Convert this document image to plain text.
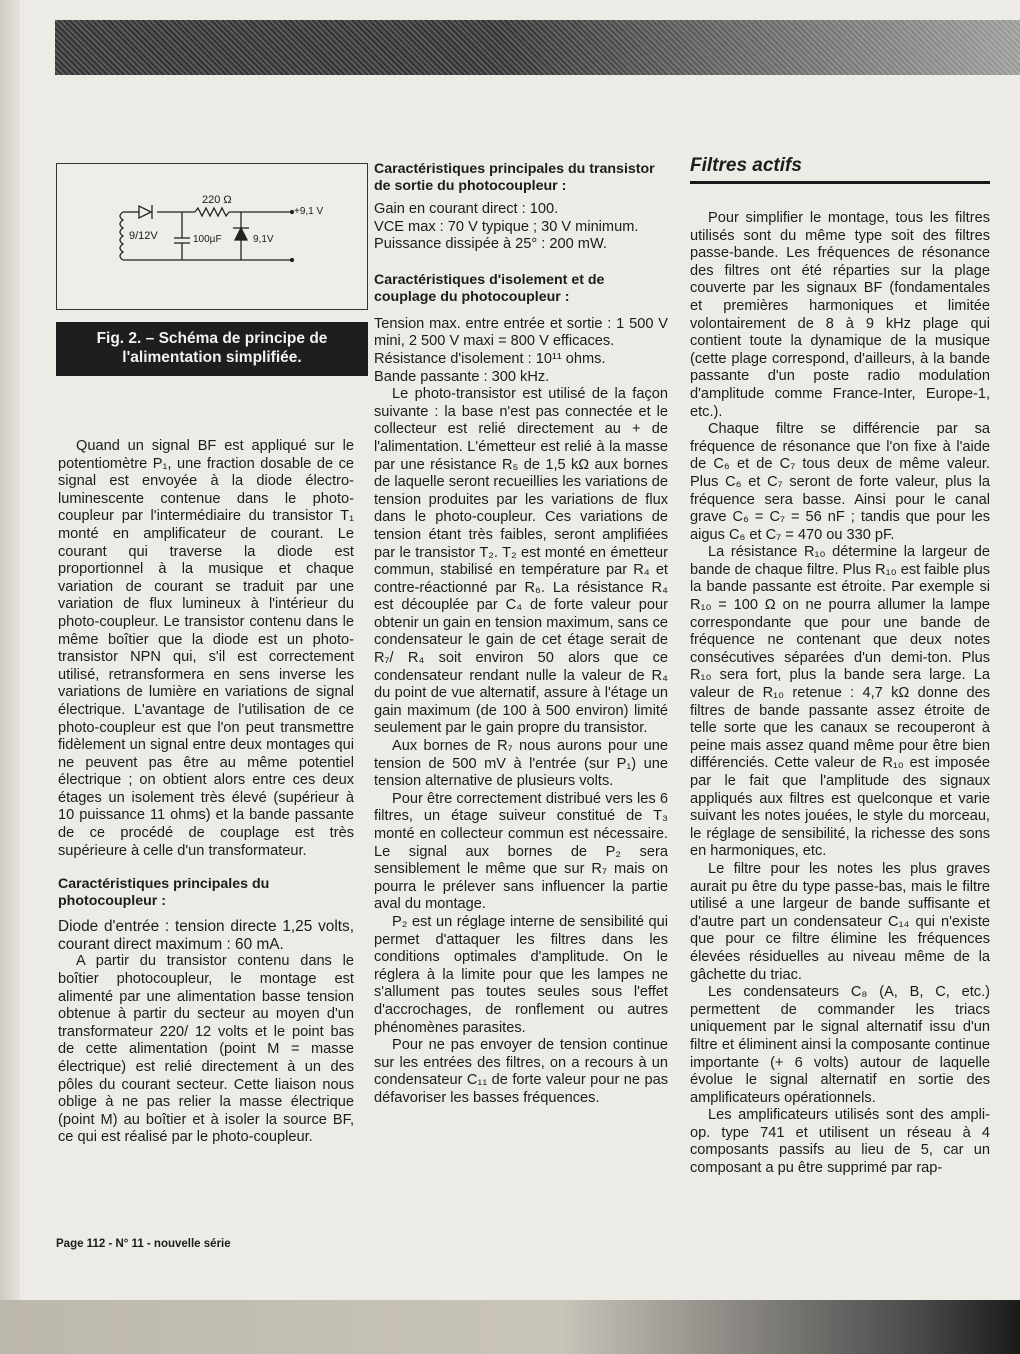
220 Ω
+9,1 V
9/12V	100µF	9,1V
Fig. 2. – Schéma de principe de
l'alimentation simplifiée.

Quand un signal BF est appliqué sur le potentiomètre P₁, une fraction dosable de ce signal est envoyée à la diode électro-luminescente contenue dans le photo-coupleur par l'intermédiaire du transistor T₁ monté en amplificateur de courant. Le courant qui traverse la diode est proportionnel à la musique et chaque variation de courant se traduit par une variation de flux lumineux à l'intérieur du photo-coupleur. Le transistor contenu dans le même boîtier que la diode est un photo-transistor NPN qui, s'il est correctement utilisé, retransformera en sens inverse les variations de lumière en variations de signal électrique. L'avantage de l'utilisation de ce photo-coupleur est que l'on peut transmettre fidèlement un signal entre deux montages qui ne peuvent pas être au même potentiel électrique ; on obtient alors entre ces deux étages un isolement très élevé (supérieur à 10 puissance 11 ohms) et la bande passante de ce procédé de couplage est très supérieure à celle d'un transformateur.

Caractéristiques principales du photocoupleur :

Diode d'entrée : tension directe 1,25 volts, courant direct maximum : 60 mA.

A partir du transistor contenu dans le boîtier photocoupleur, le montage est alimenté par une alimentation basse tension obtenue à partir du secteur au moyen d'un transformateur 220/ 12 volts et le point bas de cette alimentation (point M = masse électrique) est relié directement à un des pôles du courant secteur. Cette liaison nous oblige à ne pas relier la masse électrique (point M) au boîtier et à isoler la source BF, ce qui est réalisé par le photo-coupleur.

Caractéristiques principales du transistor de sortie du photocoupleur :

Gain en courant direct : 100.

VCE max : 70 V typique ; 30 V minimum.

Puissance dissipée à 25° : 200 mW.

Caractéristiques d'isolement et de couplage du photocoupleur :

Tension max. entre entrée et sortie : 1 500 V mini, 2 500 V maxi = 800 V efficaces.

Résistance d'isolement : 10¹¹ ohms.

Bande passante : 300 kHz.

Le photo-transistor est utilisé de la façon suivante : la base n'est pas connectée et le collecteur est relié directement au + de l'alimentation. L'émetteur est relié à la masse par une résistance R₅ de 1,5 kΩ aux bornes de laquelle seront recueillies les variations de tension produites par les variations de flux dans le photo-coupleur. Ces variations de tension étant très faibles, seront amplifiées par le transistor T₂. T₂ est monté en émetteur commun, stabilisé en température par R₄ et contre-réactionné par R₆. La résistance R₄ est découplée par C₄ de forte valeur pour obtenir un gain en tension maximum, sans ce condensateur le gain de cet étage serait de R₇/ R₄ soit environ 50 alors que ce condensateur rendant nulle la valeur de R₄ du point de vue alternatif, assure à l'étage un gain maximum (de 100 à 500 environ) limité seulement par le gain propre du transistor.

Aux bornes de R₇ nous aurons pour une tension de 500 mV à l'entrée (sur P₁) une tension alternative de plusieurs volts.

Pour être correctement distribué vers les 6 filtres, un étage suiveur constitué de T₃ monté en collecteur commun est nécessaire. Le signal aux bornes de P₂ sera sensiblement le même que sur R₇ mais on pourra le prélever sans influencer la partie aval du montage.

P₂ est un réglage interne de sensibilité qui permet d'attaquer les filtres dans les conditions optimales d'amplitude. On le réglera à la limite pour que les lampes ne s'allument pas toutes seules sous l'effet d'accrochages, de ronflement ou autres phénomènes parasites.

Pour ne pas envoyer de tension continue sur les entrées des filtres, on a recours à un condensateur C₁₁ de forte valeur pour ne pas défavoriser les basses fréquences.

Filtres actifs

Pour simplifier le montage, tous les filtres utilisés sont du même type soit des filtres passe-bande. Les fréquences de résonance des filtres ont été réparties sur la plage couverte par les signaux BF (fondamentales et premières harmoniques et limitée volontairement de 8 à 9 kHz plage qui contient toute la dynamique de la musique (cette plage correspond, d'ailleurs, à la bande passante d'un poste radio modulation d'amplitude comme France-Inter, Europe-1, etc.).

Chaque filtre se différencie par sa fréquence de résonance que l'on fixe à l'aide de C₆ et de C₇ tous deux de même valeur. Plus C₆ et C₇ seront de forte valeur, plus la fréquence sera basse. Ainsi pour le canal grave C₆ = C₇ = 56 nF ; tandis que pour les aigus C₆ et C₇ = 470 ou 330 pF.

La résistance R₁₀ détermine la largeur de bande de chaque filtre. Plus R₁₀ est faible plus la bande passante est étroite. Par exemple si R₁₀ = 100 Ω on ne pourra allumer la lampe correspondante que pour une bande de fréquence ne contenant que deux notes consécutives séparées d'un demi-ton. Plus R₁₀ sera fort, plus la bande sera large. La valeur de R₁₀ retenue : 4,7 kΩ donne des filtres de bande passante assez étroite de telle sorte que les canaux se recouperont à peine mais assez quand même pour être bien différenciés. Cette valeur de R₁₀ est imposée par le fait que l'amplitude des signaux appliqués aux filtres est quelconque et varie suivant les notes jouées, le style du morceau, le réglage de sensibilité, la richesse des sons en harmoniques, etc.

Le filtre pour les notes les plus graves aurait pu être du type passe-bas, mais le filtre utilisé a une largeur de bande suffisante et d'autre part un condensateur C₁₄ qui n'existe que pour ce filtre élimine les fréquences élevées résiduelles au niveau même de la gâchette du triac.

Les condensateurs C₈ (A, B, C, etc.) permettent de commander les triacs uniquement par le signal alternatif issu d'un filtre et éliminent ainsi la composante continue importante (+ 6 volts) autour de laquelle évolue le signal alternatif en sortie des amplificateurs opérationnels.

Les amplificateurs utilisés sont des ampli-op. type 741 et utilisent un réseau à 4 composants passifs au lieu de 5, car un composant a pu être supprimé par rap-

Page 112 - N° 11 - nouvelle série
